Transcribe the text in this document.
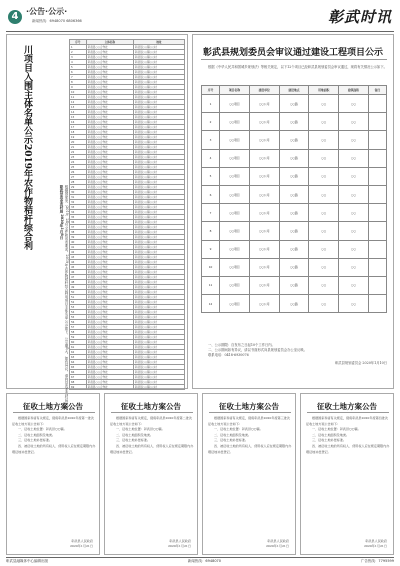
4 ·公告·公示·
新闻热线：6948070 6806366	彰武时讯
川项目入围主体名单公示2019年农作物秸秆综合利
根据国家发〔2019〕24号文件和省市要求，2019年农作物秸秆综合利用项目主体名单公示如下，公示期5天。如有异议，请向县农业农村局反映。
彰武县农业农村局 2020年1月8日
序号	主体名称	地址
1	彰武县○○合作社	彰武县○○镇○○村
2	彰武县○○合作社	彰武县○○镇○○村
3	彰武县○○合作社	彰武县○○镇○○村
4	彰武县○○合作社	彰武县○○镇○○村
5	彰武县○○合作社	彰武县○○镇○○村
6	彰武县○○合作社	彰武县○○镇○○村
7	彰武县○○合作社	彰武县○○镇○○村
8	彰武县○○合作社	彰武县○○镇○○村
9	彰武县○○合作社	彰武县○○镇○○村
10	彰武县○○合作社	彰武县○○镇○○村
11	彰武县○○合作社	彰武县○○镇○○村
12	彰武县○○合作社	彰武县○○镇○○村
13	彰武县○○合作社	彰武县○○镇○○村
14	彰武县○○合作社	彰武县○○镇○○村
15	彰武县○○合作社	彰武县○○镇○○村
16	彰武县○○合作社	彰武县○○镇○○村
17	彰武县○○合作社	彰武县○○镇○○村
18	彰武县○○合作社	彰武县○○镇○○村
19	彰武县○○合作社	彰武县○○镇○○村
20	彰武县○○合作社	彰武县○○镇○○村
21	彰武县○○合作社	彰武县○○镇○○村
22	彰武县○○合作社	彰武县○○镇○○村
23	彰武县○○合作社	彰武县○○镇○○村
24	彰武县○○合作社	彰武县○○镇○○村
25	彰武县○○合作社	彰武县○○镇○○村
26	彰武县○○合作社	彰武县○○镇○○村
27	彰武县○○合作社	彰武县○○镇○○村
28	彰武县○○合作社	彰武县○○镇○○村
29	彰武县○○合作社	彰武县○○镇○○村
30	彰武县○○合作社	彰武县○○镇○○村
31	彰武县○○合作社	彰武县○○镇○○村
32	彰武县○○合作社	彰武县○○镇○○村
33	彰武县○○合作社	彰武县○○镇○○村
34	彰武县○○合作社	彰武县○○镇○○村
35	彰武县○○合作社	彰武县○○镇○○村
36	彰武县○○合作社	彰武县○○镇○○村
37	彰武县○○合作社	彰武县○○镇○○村
38	彰武县○○合作社	彰武县○○镇○○村
39	彰武县○○合作社	彰武县○○镇○○村
40	彰武县○○合作社	彰武县○○镇○○村
41	彰武县○○合作社	彰武县○○镇○○村
42	彰武县○○合作社	彰武县○○镇○○村
43	彰武县○○合作社	彰武县○○镇○○村
44	彰武县○○合作社	彰武县○○镇○○村
45	彰武县○○合作社	彰武县○○镇○○村
46	彰武县○○合作社	彰武县○○镇○○村
47	彰武县○○合作社	彰武县○○镇○○村
48	彰武县○○合作社	彰武县○○镇○○村
49	彰武县○○合作社	彰武县○○镇○○村
50	彰武县○○合作社	彰武县○○镇○○村
51	彰武县○○合作社	彰武县○○镇○○村
52	彰武县○○合作社	彰武县○○镇○○村
53	彰武县○○合作社	彰武县○○镇○○村
54	彰武县○○合作社	彰武县○○镇○○村
55	彰武县○○合作社	彰武县○○镇○○村
56	彰武县○○合作社	彰武县○○镇○○村
57	彰武县○○合作社	彰武县○○镇○○村
58	彰武县○○合作社	彰武县○○镇○○村
59	彰武县○○合作社	彰武县○○镇○○村
60	彰武县○○合作社	彰武县○○镇○○村
61	彰武县○○合作社	彰武县○○镇○○村
62	彰武县○○合作社	彰武县○○镇○○村
63	彰武县○○合作社	彰武县○○镇○○村
64	彰武县○○合作社	彰武县○○镇○○村
65	彰武县○○合作社	彰武县○○镇○○村
66	彰武县○○合作社	彰武县○○镇○○村
67	彰武县○○合作社	彰武县○○镇○○村
68	彰武县○○合作社	彰武县○○镇○○村
69	彰武县○○合作社	彰武县○○镇○○村
彰武县规划委员会审议通过建设工程项目公示
根据《中华人民共和国城乡规划法》等相关规定，以下12个项目已经彰武县规划委员会审议通过，现将有关情况公示如下。
序号	项目名称	建设单位	建设地点	用地面积	建筑面积	备注
1	○○项目	○○公司	○○路	○○	○○	
2	○○项目	○○公司	○○路	○○	○○	
3	○○项目	○○公司	○○路	○○	○○	
4	○○项目	○○公司	○○路	○○	○○	
5	○○项目	○○公司	○○路	○○	○○	
6	○○项目	○○公司	○○路	○○	○○	
7	○○项目	○○公司	○○路	○○	○○	
8	○○项目	○○公司	○○路	○○	○○	
9	○○项目	○○公司	○○路	○○	○○	
10	○○项目	○○公司	○○路	○○	○○	
11	○○项目	○○公司	○○路	○○	○○	
12	○○项目	○○公司	○○路	○○	○○	

一、公示期限：自发布之日起10个工作日内。

二、公示期间如有异议，请以书面形式向县规划委员会办公室反映。

联系电话：0418-6930076

彰武县规划委员会 2020年1月10日
征收土地方案公告

根据国家和省有关规定，现将彰武县2020年度第一批次征收土地方案公告如下：

一、征收土地位置：彰武县○○镇。

二、征收土地面积及地类。

三、征收土地补偿标准。

四、被征收土地的所有权人、使用权人应在规定期限内办理征地补偿登记。

彰武县人民政府
2020年1月21日
征收土地方案公告

根据国家和省有关规定，现将彰武县2020年度第二批次征收土地方案公告如下：

一、征收土地位置：彰武县○○镇。

二、征收土地面积及地类。

三、征收土地补偿标准。

四、被征收土地的所有权人、使用权人应在规定期限内办理征地补偿登记。

彰武县人民政府
2020年1月21日
征收土地方案公告

根据国家和省有关规定，现将彰武县2020年度第三批次征收土地方案公告如下：

一、征收土地位置：彰武县○○镇。

二、征收土地面积及地类。

三、征收土地补偿标准。

四、被征收土地的所有权人、使用权人应在规定期限内办理征地补偿登记。

彰武县人民政府
2020年1月21日
征收土地方案公告

根据国家和省有关规定，现将彰武县2020年度第四批次征收土地方案公告如下：

一、征收土地位置：彰武县○○镇。

二、征收土地面积及地类。

三、征收土地补偿标准。

四、被征收土地的所有权人、使用权人应在规定期限内办理征地补偿登记。

彰武县人民政府
2020年1月21日
彰武县融媒体中心编辑出版	新闻热线：6948070	广告热线：7795599
